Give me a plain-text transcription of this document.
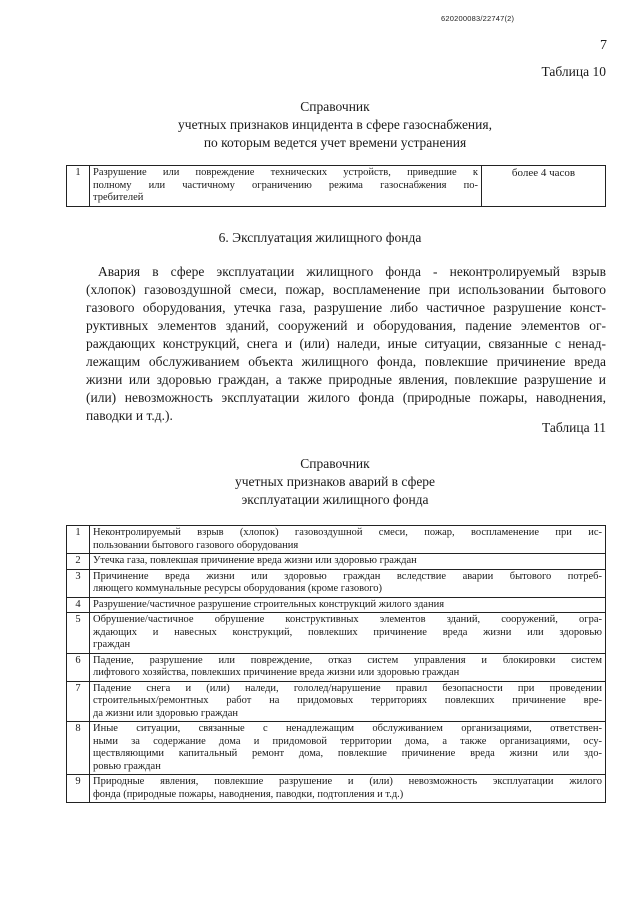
620200083/22747(2)
7
Таблица 10
Справочник
учетных признаков инцидента в сфере газоснабжения,
по которым ведется учет времени устранения
1	Разрушение или повреждение технических устройств, приведшие к
полному или частичному ограничению режима газоснабжения по-
требителей
	более 4 часов
6. Эксплуатация жилищного фонда
Авария в сфере эксплуатации жилищного фонда - неконтролируемый взрыв
(хлопок) газовоздушной смеси, пожар, воспламенение при использовании бытового
газового оборудования, утечка газа, разрушение либо частичное разрушение конст-
руктивных элементов зданий, сооружений и оборудования, падение элементов ог-
раждающих конструкций, снега и (или) наледи, иные ситуации, связанные с ненад-
лежащим обслуживанием объекта жилищного фонда, повлекшие причинение вреда
жизни или здоровью граждан, а также природные явления, повлекшие разрушение и
(или) невозможность эксплуатации жилого фонда (природные пожары, наводнения,
паводки и т.д.).
Таблица 11
Справочник
учетных признаков аварий в сфере
эксплуатации жилищного фонда
1	Неконтролируемый взрыв (хлопок) газовоздушной смеси, пожар, воспламенение при ис-
пользовании бытового газового оборудования

2	Утечка газа, повлекшая причинение вреда жизни или здоровью граждан

3	Причинение вреда жизни или здоровью граждан вследствие аварии бытового потреб-
ляющего коммунальные ресурсы оборудования (кроме газового)

4	Разрушение/частичное разрушение строительных конструкций жилого здания

5	Обрушение/частичное обрушение конструктивных элементов зданий, сооружений, огра-
ждающих и навесных конструкций, повлекших причинение вреда жизни или здоровью
граждан

6	Падение, разрушение или повреждение, отказ систем управления и блокировки систем
лифтового хозяйства, повлекших причинение вреда жизни или здоровью граждан

7	Падение снега и (или) наледи, гололед/нарушение правил безопасности при проведении
строительных/ремонтных работ на придомовых территориях повлекших причинение вре-
да жизни или здоровью граждан

8	Иные ситуации, связанные с ненадлежащим обслуживанием организациями, ответствен-
ными за содержание дома и придомовой территории дома, а также организациями, осу-
ществляющими капитальный ремонт дома, повлекшие причинение вреда жизни или здо-
ровью граждан

9	Природные явления, повлекшие разрушение и (или) невозможность эксплуатации жилого
фонда (природные пожары, наводнения, паводки, подтопления и т.д.)
